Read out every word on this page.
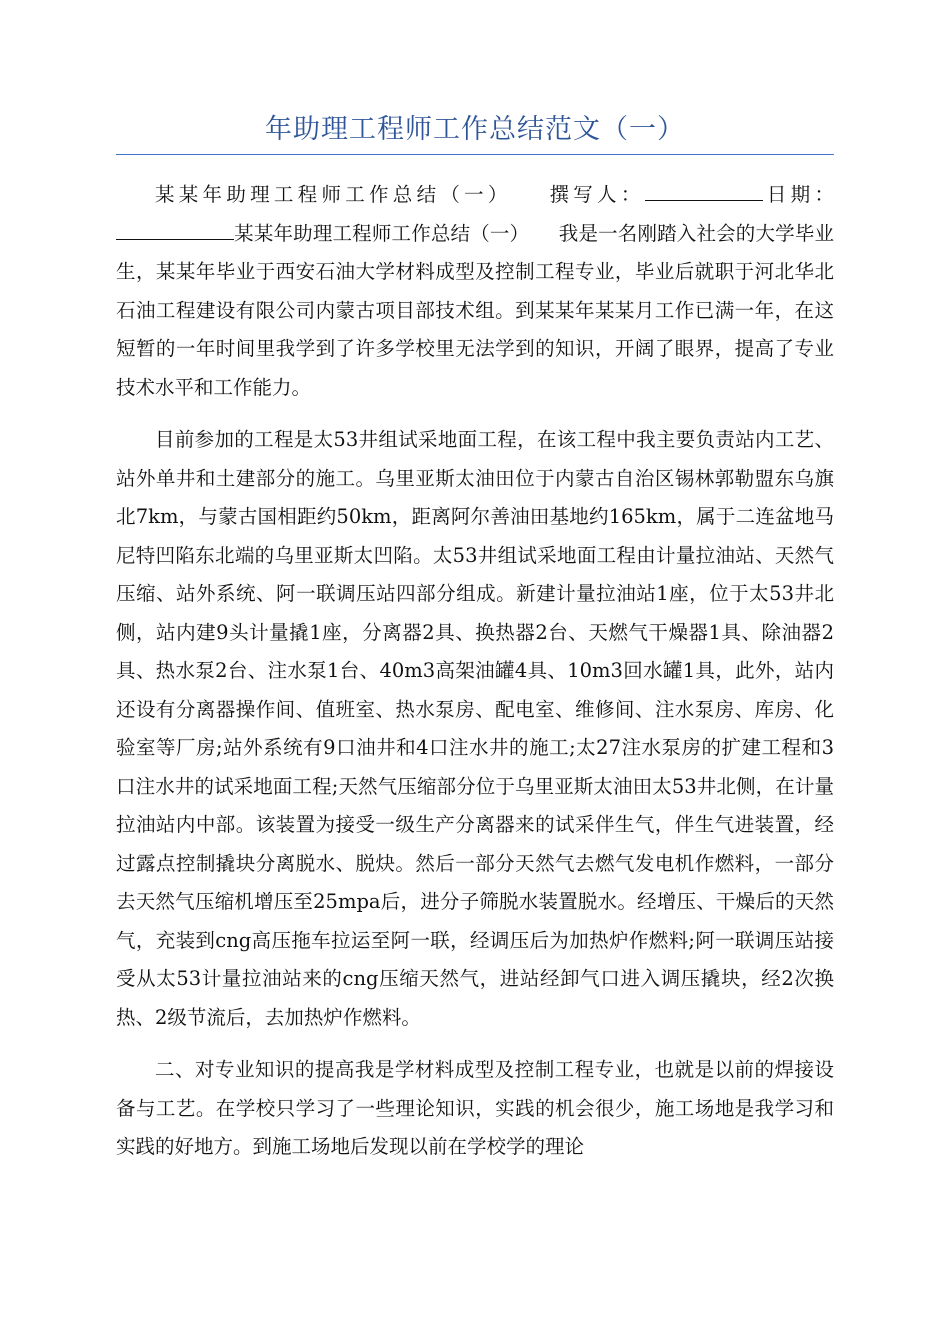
年助理工程师工作总结范文（一）

某某年助理工程师工作总结（一）　　 撰写人：	日期：某某年助理工程师工作总结（一）　　我是一名刚踏入社会的大学毕业生，某某年毕业于西安石油大学材料成型及控制工程专业，毕业后就职于河北华北石油工程建设有限公司内蒙古项目部技术组。到某某年某某月工作已满一年，在这短暂的一年时间里我学到了许多学校里无法学到的知识，开阔了眼界，提高了专业技术水平和工作能力。

目前参加的工程是太53井组试采地面工程，在该工程中我主要负责站内工艺、站外单井和土建部分的施工。乌里亚斯太油田位于内蒙古自治区锡林郭勒盟东乌旗北7km，与蒙古国相距约50km，距离阿尔善油田基地约165km，属于二连盆地马尼特凹陷东北端的乌里亚斯太凹陷。太53井组试采地面工程由计量拉油站、天然气压缩、站外系统、阿一联调压站四部分组成。新建计量拉油站1座，位于太53井北侧，站内建9头计量撬1座，分离器2具、换热器2台、天燃气干燥器1具、除油器2具、热水泵2台、注水泵1台、40m3高架油罐4具、10m3回水罐1具，此外，站内还设有分离器操作间、值班室、热水泵房、配电室、维修间、注水泵房、库房、化验室等厂房;站外系统有9口油井和4口注水井的施工;太27注水泵房的扩建工程和3口注水井的试采地面工程;天然气压缩部分位于乌里亚斯太油田太53井北侧，在计量拉油站内中部。该装置为接受一级生产分离器来的试采伴生气，伴生气进装置，经过露点控制撬块分离脱水、脱炔。然后一部分天然气去燃气发电机作燃料，一部分去天然气压缩机增压至25mpa后，进分子筛脱水装置脱水。经增压、干燥后的天然气，充装到cng高压拖车拉运至阿一联，经调压后为加热炉作燃料;阿一联调压站接受从太53计量拉油站来的cng压缩天然气，进站经卸气口进入调压撬块，经2次换热、2级节流后，去加热炉作燃料。

二、对专业知识的提高我是学材料成型及控制工程专业，也就是以前的焊接设备与工艺。在学校只学习了一些理论知识，实践的机会很少，施工场地是我学习和实践的好地方。到施工场地后发现以前在学校学的理论
